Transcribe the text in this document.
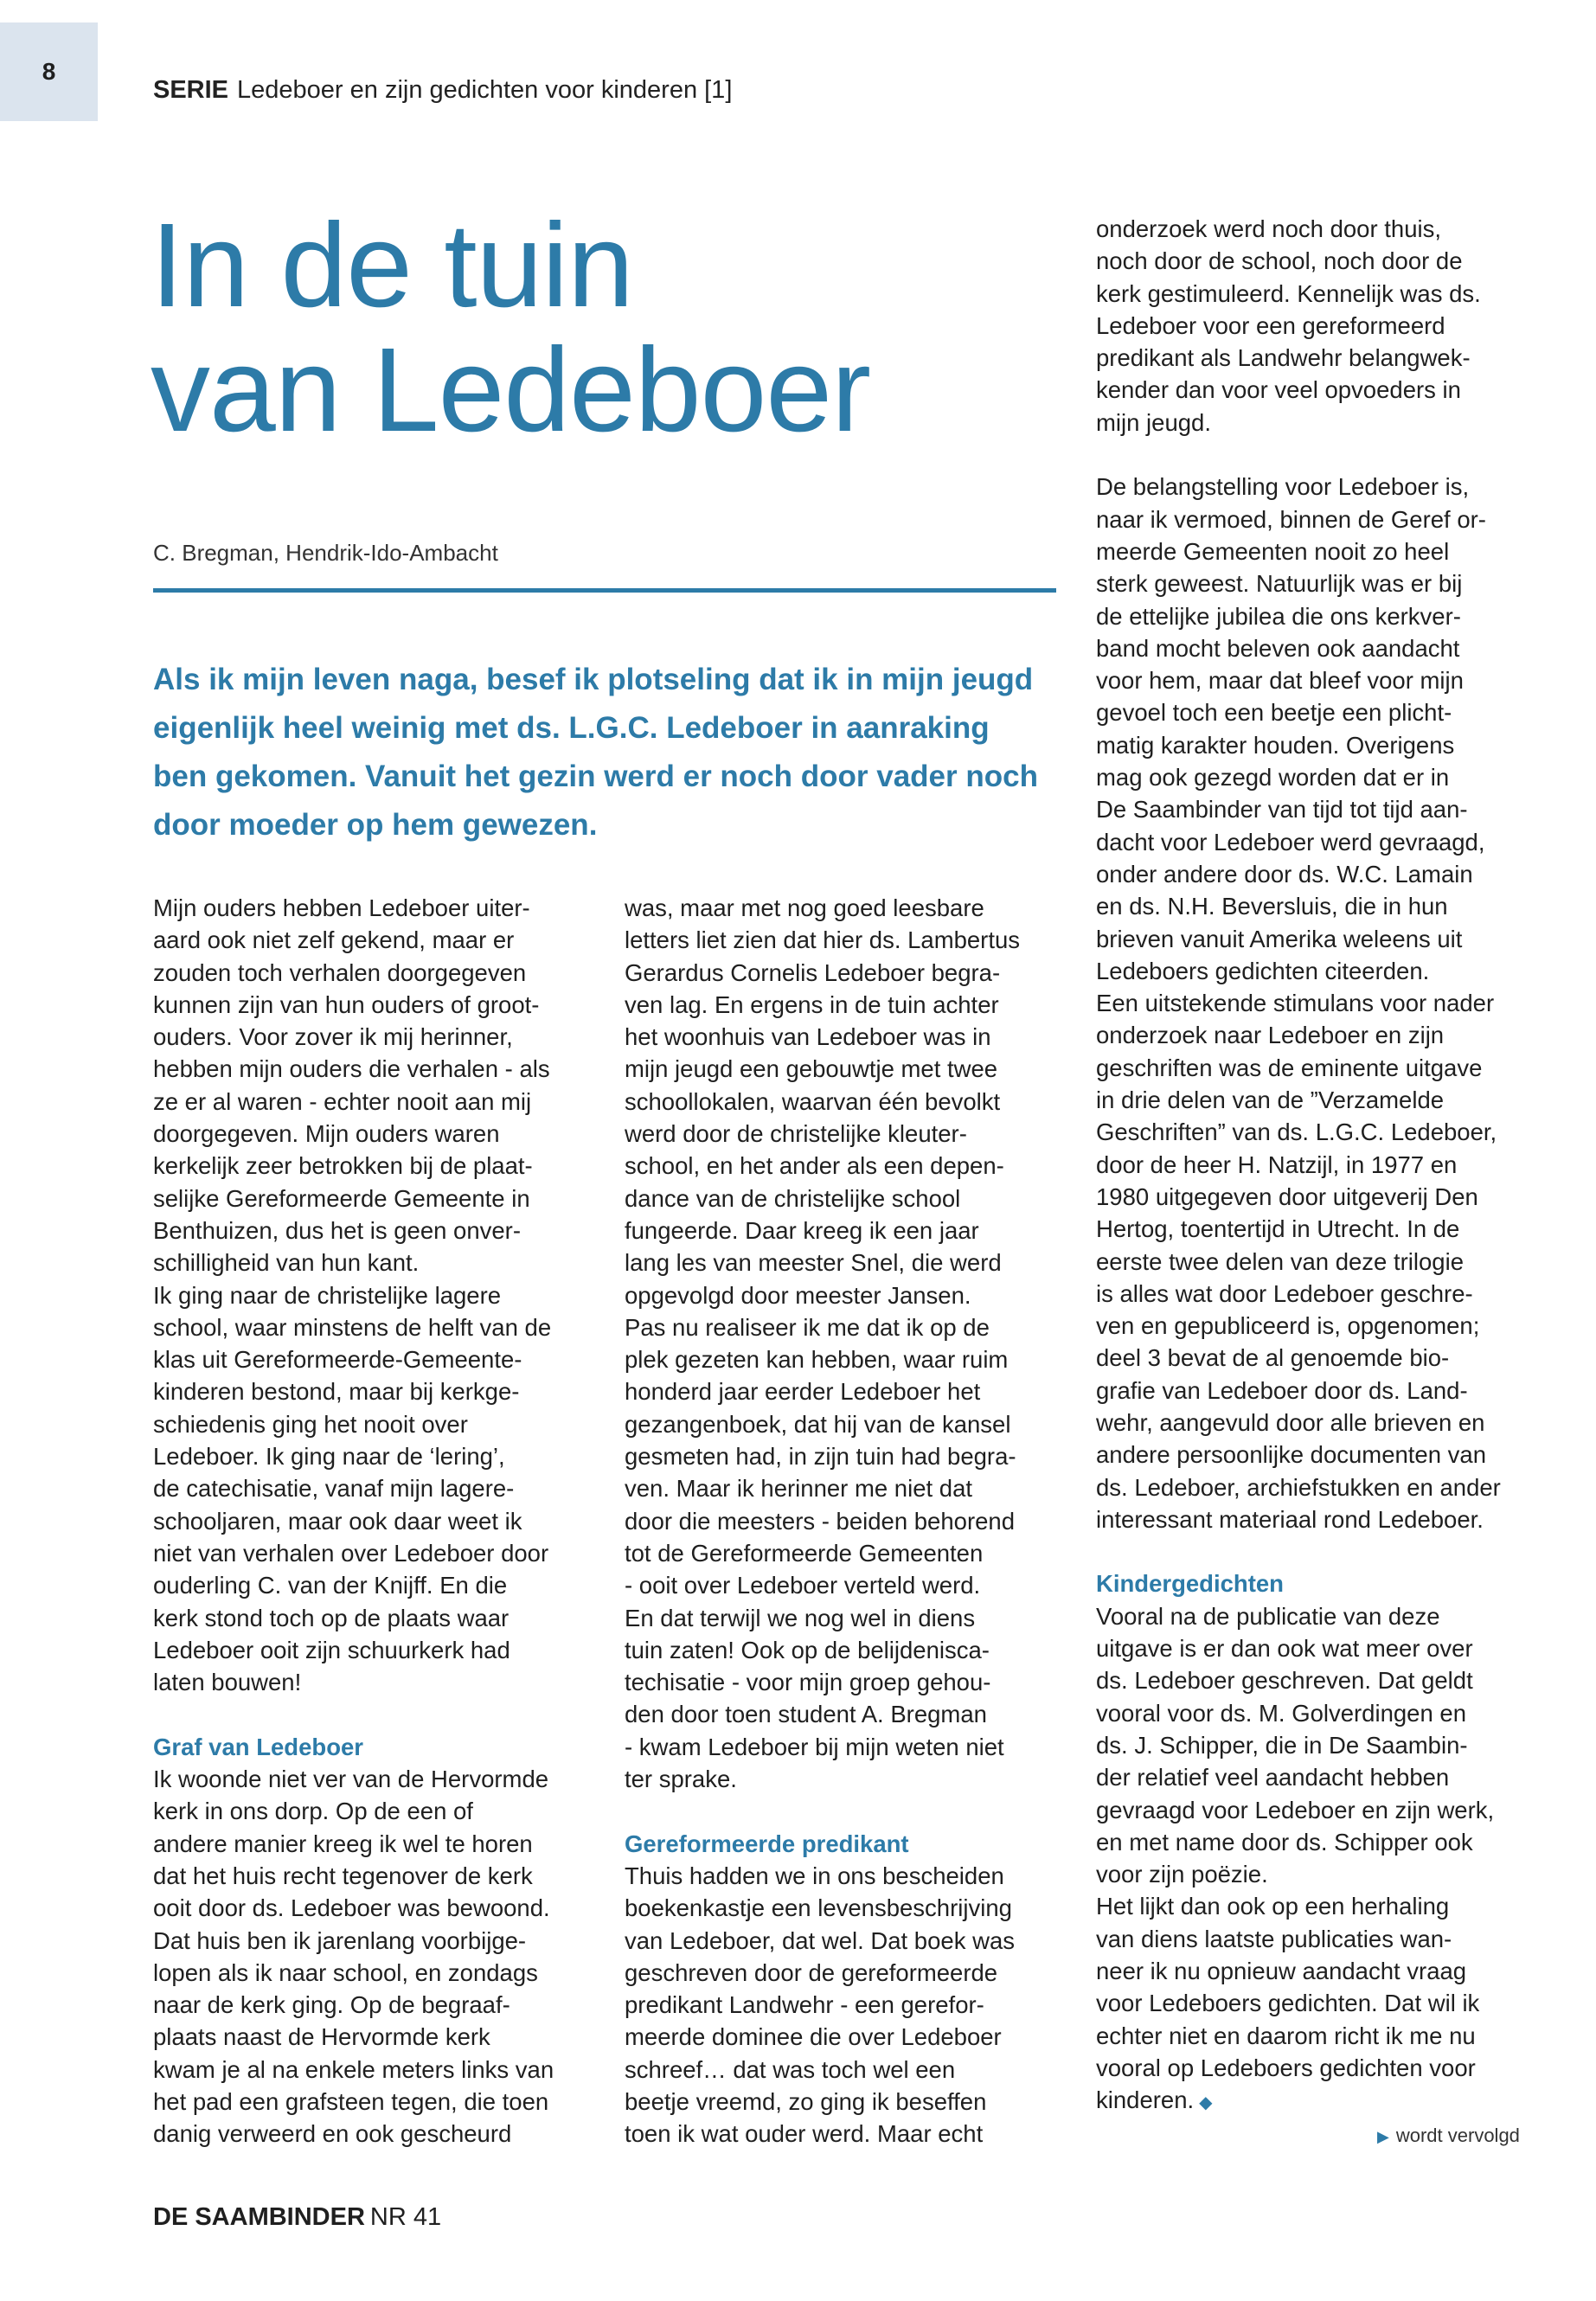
8
SERIE Ledeboer en zijn gedichten voor kinderen [1]
In de tuin
van Ledeboer
C. Bregman, Hendrik-Ido-Ambacht

Als ik mijn leven naga, besef ik plotseling dat ik in mijn jeugd
eigenlijk heel weinig met ds. L.G.C. Ledeboer in aanraking
ben gekomen. Vanuit het gezin werd er noch door vader noch
door moeder op hem gewezen.

Mijn ouders hebben Ledeboer uiter-
aard ook niet zelf gekend, maar er
zouden toch verhalen doorgegeven
kunnen zijn van hun ouders of groot-
ouders. Voor zover ik mij herinner,
hebben mijn ouders die verhalen - als
ze er al waren - echter nooit aan mij
doorgegeven. Mijn ouders waren
kerkelijk zeer betrokken bij de plaat-
selijke Gereformeerde Gemeente in
Benthuizen, dus het is geen onver-
schilligheid van hun kant.
Ik ging naar de christelijke lagere
school, waar minstens de helft van de
klas uit Gereformeerde-Gemeente-
kinderen bestond, maar bij kerkge-
schiedenis ging het nooit over
Ledeboer. Ik ging naar de ‘lering’,
de catechisatie, vanaf mijn lagere-
schooljaren, maar ook daar weet ik
niet van verhalen over Ledeboer door
ouderling C. van der Knijff. En die
kerk stond toch op de plaats waar
Ledeboer ooit zijn schuurkerk had
laten bouwen!
Graf van Ledeboer
Ik woonde niet ver van de Hervormde
kerk in ons dorp. Op de een of
andere manier kreeg ik wel te horen
dat het huis recht tegenover de kerk
ooit door ds. Ledeboer was bewoond.
Dat huis ben ik jarenlang voorbijge-
lopen als ik naar school, en zondags
naar de kerk ging. Op de begraaf-
plaats naast de Hervormde kerk
kwam je al na enkele meters links van
het pad een grafsteen tegen, die toen
danig verweerd en ook gescheurd
was, maar met nog goed leesbare
letters liet zien dat hier ds. Lambertus
Gerardus Cornelis Ledeboer begra-
ven lag. En ergens in de tuin achter
het woonhuis van Ledeboer was in
mijn jeugd een gebouwtje met twee
schoollokalen, waarvan één bevolkt
werd door de christelijke kleuter-
school, en het ander als een depen-
dance van de christelijke school
fungeerde. Daar kreeg ik een jaar
lang les van meester Snel, die werd
opgevolgd door meester Jansen.
Pas nu realiseer ik me dat ik op de
plek gezeten kan hebben, waar ruim
honderd jaar eerder Ledeboer het
gezangenboek, dat hij van de kansel
gesmeten had, in zijn tuin had begra-
ven. Maar ik herinner me niet dat
door die meesters - beiden behorend
tot de Gereformeerde Gemeenten
- ooit over Ledeboer verteld werd.
En dat terwijl we nog wel in diens
tuin zaten! Ook op de belijdenisca-
techisatie - voor mijn groep gehou-
den door toen student A. Bregman
- kwam Ledeboer bij mijn weten niet
ter sprake.
Gereformeerde predikant
Thuis hadden we in ons bescheiden
boekenkastje een levensbeschrijving
van Ledeboer, dat wel. Dat boek was
geschreven door de gereformeerde
predikant Landwehr - een gerefor-
meerde dominee die over Ledeboer
schreef… dat was toch wel een
beetje vreemd, zo ging ik beseffen
toen ik wat ouder werd. Maar echt
onderzoek werd noch door thuis,
noch door de school, noch door de
kerk gestimuleerd. Kennelijk was ds.
Ledeboer voor een gereformeerd
predikant als Landwehr belangwek-
kender dan voor veel opvoeders in
mijn jeugd.
De belangstelling voor Ledeboer is,
naar ik vermoed, binnen de Geref or-
meerde Gemeenten nooit zo heel
sterk geweest. Natuurlijk was er bij
de ettelijke jubilea die ons kerkver-
band mocht beleven ook aandacht
voor hem, maar dat bleef voor mijn
gevoel toch een beetje een plicht-
matig karakter houden. Overigens
mag ook gezegd worden dat er in
De Saambinder van tijd tot tijd aan-
dacht voor Ledeboer werd gevraagd,
onder andere door ds. W.C. Lamain
en ds. N.H. Beversluis, die in hun
brieven vanuit Amerika weleens uit
Ledeboers gedichten citeerden.
Een uitstekende stimulans voor nader
onderzoek naar Ledeboer en zijn
geschriften was de eminente uitgave
in drie delen van de ”Verzamelde
Geschriften” van ds. L.G.C. Ledeboer,
door de heer H. Natzijl, in 1977 en
1980 uitgegeven door uitgeverij Den
Hertog, toentertijd in Utrecht. In de
eerste twee delen van deze trilogie
is alles wat door Ledeboer geschre-
ven en gepubliceerd is, opgenomen;
deel 3 bevat de al genoemde bio-
grafie van Ledeboer door ds. Land-
wehr, aangevuld door alle brieven en
andere persoonlijke documenten van
ds. Ledeboer, archiefstukken en ander
interessant materiaal rond Ledeboer.
Kindergedichten
Vooral na de publicatie van deze
uitgave is er dan ook wat meer over
ds. Ledeboer geschreven. Dat geldt
vooral voor ds. M. Golverdingen en
ds. J. Schipper, die in De Saambin-
der relatief veel aandacht hebben
gevraagd voor Ledeboer en zijn werk,
en met name door ds. Schipper ook
voor zijn poëzie.
Het lijkt dan ook op een herhaling
van diens laatste publicaties wan-
neer ik nu opnieuw aandacht vraag
voor Ledeboers gedichten. Dat wil ik
echter niet en daarom richt ik me nu
vooral op Ledeboers gedichten voor
kinderen. ◆
▶ wordt vervolgd
DE SAAMBINDER NR 41
